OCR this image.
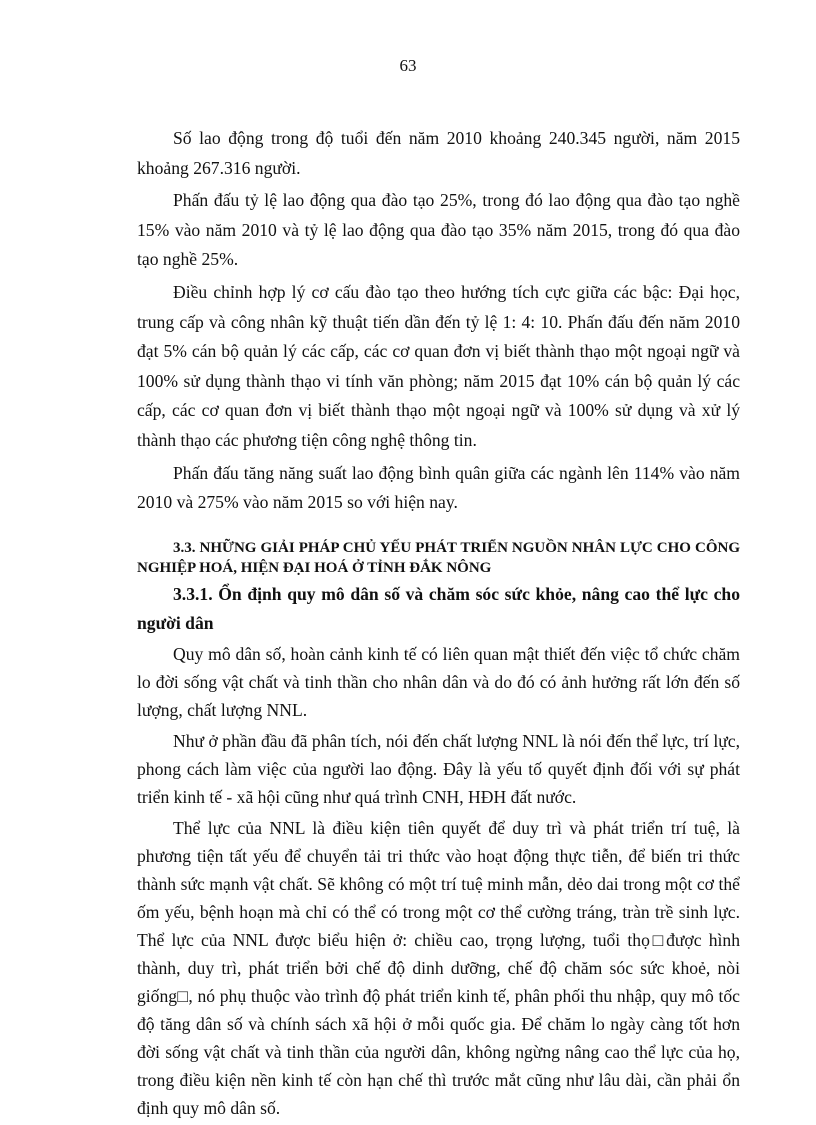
63

Số lao động trong độ tuổi đến năm 2010 khoảng 240.345 người, năm 2015 khoảng 267.316 người.

Phấn đấu tỷ lệ lao động qua đào tạo 25%, trong đó lao động qua đào tạo nghề 15% vào năm 2010 và tỷ lệ lao động qua đào tạo 35% năm 2015, trong đó qua đào tạo nghề 25%.

Điều chỉnh hợp lý cơ cấu đào tạo theo hướng tích cực giữa các bậc: Đại học, trung cấp và công nhân kỹ thuật tiến dần đến tỷ lệ 1: 4: 10. Phấn đấu đến năm 2010 đạt 5% cán bộ quản lý các cấp, các cơ quan đơn vị biết thành thạo một ngoại ngữ và 100% sử dụng thành thạo vi tính văn phòng; năm 2015 đạt 10% cán bộ quản lý các cấp, các cơ quan đơn vị biết thành thạo một ngoại ngữ và 100% sử dụng và xử lý thành thạo các phương tiện công nghệ thông tin.

Phấn đấu tăng năng suất lao động bình quân giữa các ngành lên 114% vào năm 2010 và 275% vào năm 2015 so với hiện nay.

3.3. NHỮNG GIẢI PHÁP CHỦ YẾU PHÁT TRIỂN NGUỒN NHÂN LỰC CHO CÔNG NGHIỆP HOÁ, HIỆN ĐẠI HOÁ Ở TỈNH ĐẮK NÔNG
3.3.1. Ổn định quy mô dân số và chăm sóc sức khỏe, nâng cao thể lực cho người dân

Quy mô dân số, hoàn cảnh kinh tế có liên quan mật thiết đến việc tổ chức chăm lo đời sống vật chất và tinh thần cho nhân dân và do đó có ảnh hưởng rất lớn đến số lượng, chất lượng NNL.

Như ở phần đầu đã phân tích, nói đến chất lượng NNL là nói đến thể lực, trí lực, phong cách làm việc của người lao động. Đây là yếu tố quyết định đối với sự phát triển kinh tế - xã hội cũng như quá trình CNH, HĐH đất nước.

Thể lực của NNL là điều kiện tiên quyết để duy trì và phát triển trí tuệ, là phương tiện tất yếu để chuyển tải tri thức vào hoạt động thực tiễn, để biến tri thức thành sức mạnh vật chất. Sẽ không có một trí tuệ minh mẫn, dẻo dai trong một cơ thể ốm yếu, bệnh hoạn mà chỉ có thể có trong một cơ thể cường tráng, tràn trề sinh lực. Thể lực của NNL được biểu hiện ở: chiều cao, trọng lượng, tuổi thọ□được hình thành, duy trì, phát triển bởi chế độ dinh dưỡng, chế độ chăm sóc sức khoẻ, nòi giống□, nó phụ thuộc vào trình độ phát triển kinh tế, phân phối thu nhập, quy mô tốc độ tăng dân số và chính sách xã hội ở mỗi quốc gia. Để chăm lo ngày càng tốt hơn đời sống vật chất và tinh thần của người dân, không ngừng nâng cao thể lực của họ, trong điều kiện nền kinh tế còn hạn chế thì trước mắt cũng như lâu dài, cần phải ổn định quy mô dân số.
